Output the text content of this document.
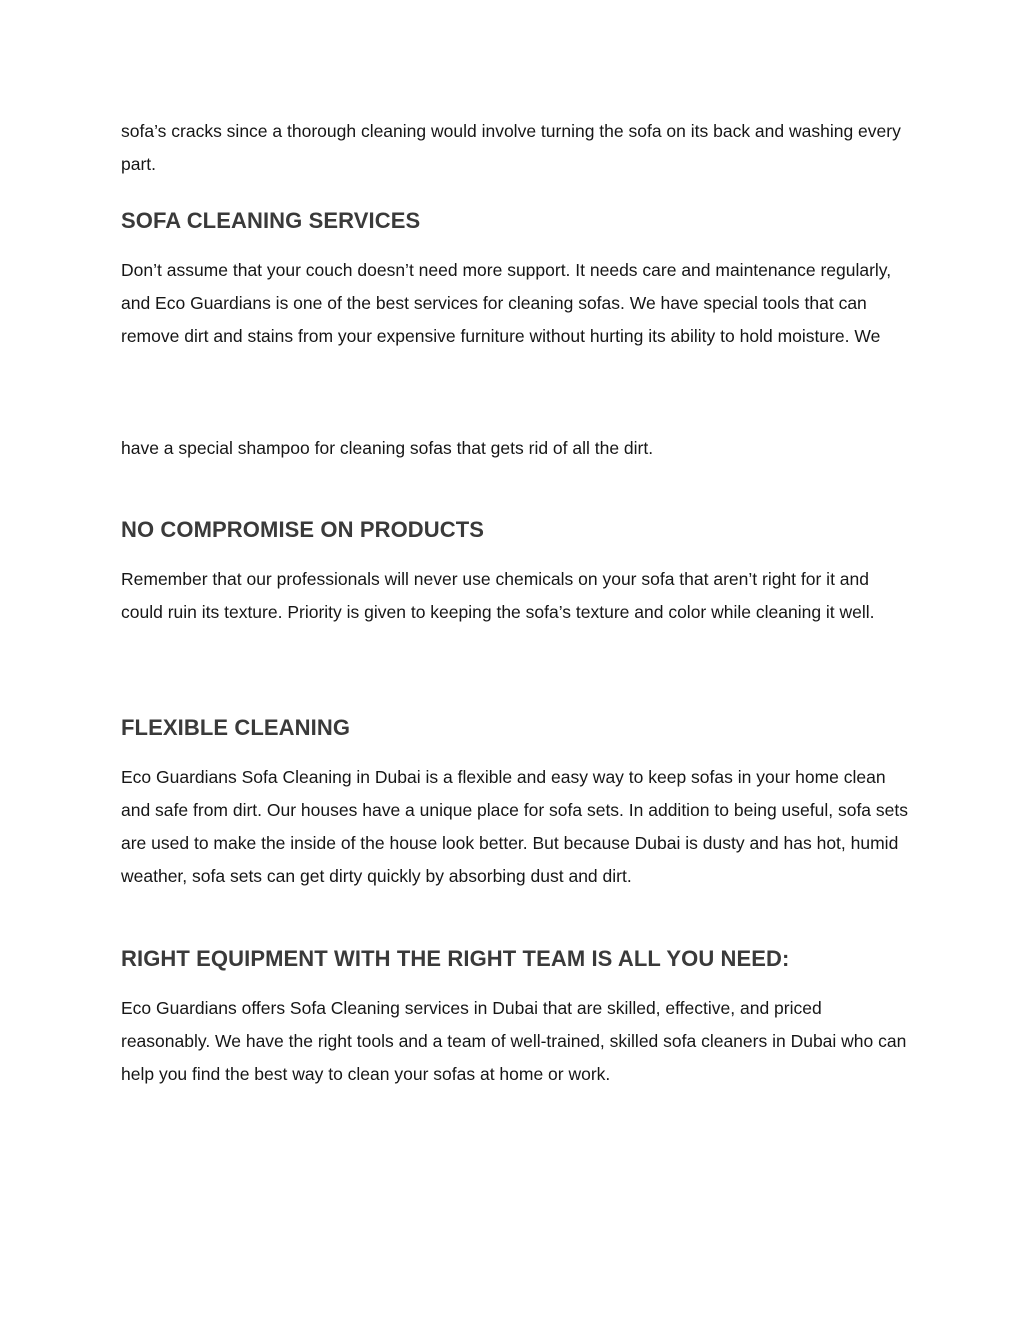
sofa’s cracks since a thorough cleaning would involve turning the sofa on its back and washing every part.

SOFA CLEANING SERVICES

Don’t assume that your couch doesn’t need more support. It needs care and maintenance regularly, and Eco Guardians is one of the best services for cleaning sofas. We have special tools that can remove dirt and stains from your expensive furniture without hurting its ability to hold moisture. We

have a special shampoo for cleaning sofas that gets rid of all the dirt.

NO COMPROMISE ON PRODUCTS

Remember that our professionals will never use chemicals on your sofa that aren’t right for it and could ruin its texture. Priority is given to keeping the sofa’s texture and color while cleaning it well.

FLEXIBLE CLEANING

Eco Guardians Sofa Cleaning in Dubai is a flexible and easy way to keep sofas in your home clean and safe from dirt. Our houses have a unique place for sofa sets. In addition to being useful, sofa sets are used to make the inside of the house look better. But because Dubai is dusty and has hot, humid weather, sofa sets can get dirty quickly by absorbing dust and dirt.

RIGHT EQUIPMENT WITH THE RIGHT TEAM IS ALL YOU NEED:

Eco Guardians offers Sofa Cleaning services in Dubai that are skilled, effective, and priced reasonably. We have the right tools and a team of well-trained, skilled sofa cleaners in Dubai who can help you find the best way to clean your sofas at home or work.
